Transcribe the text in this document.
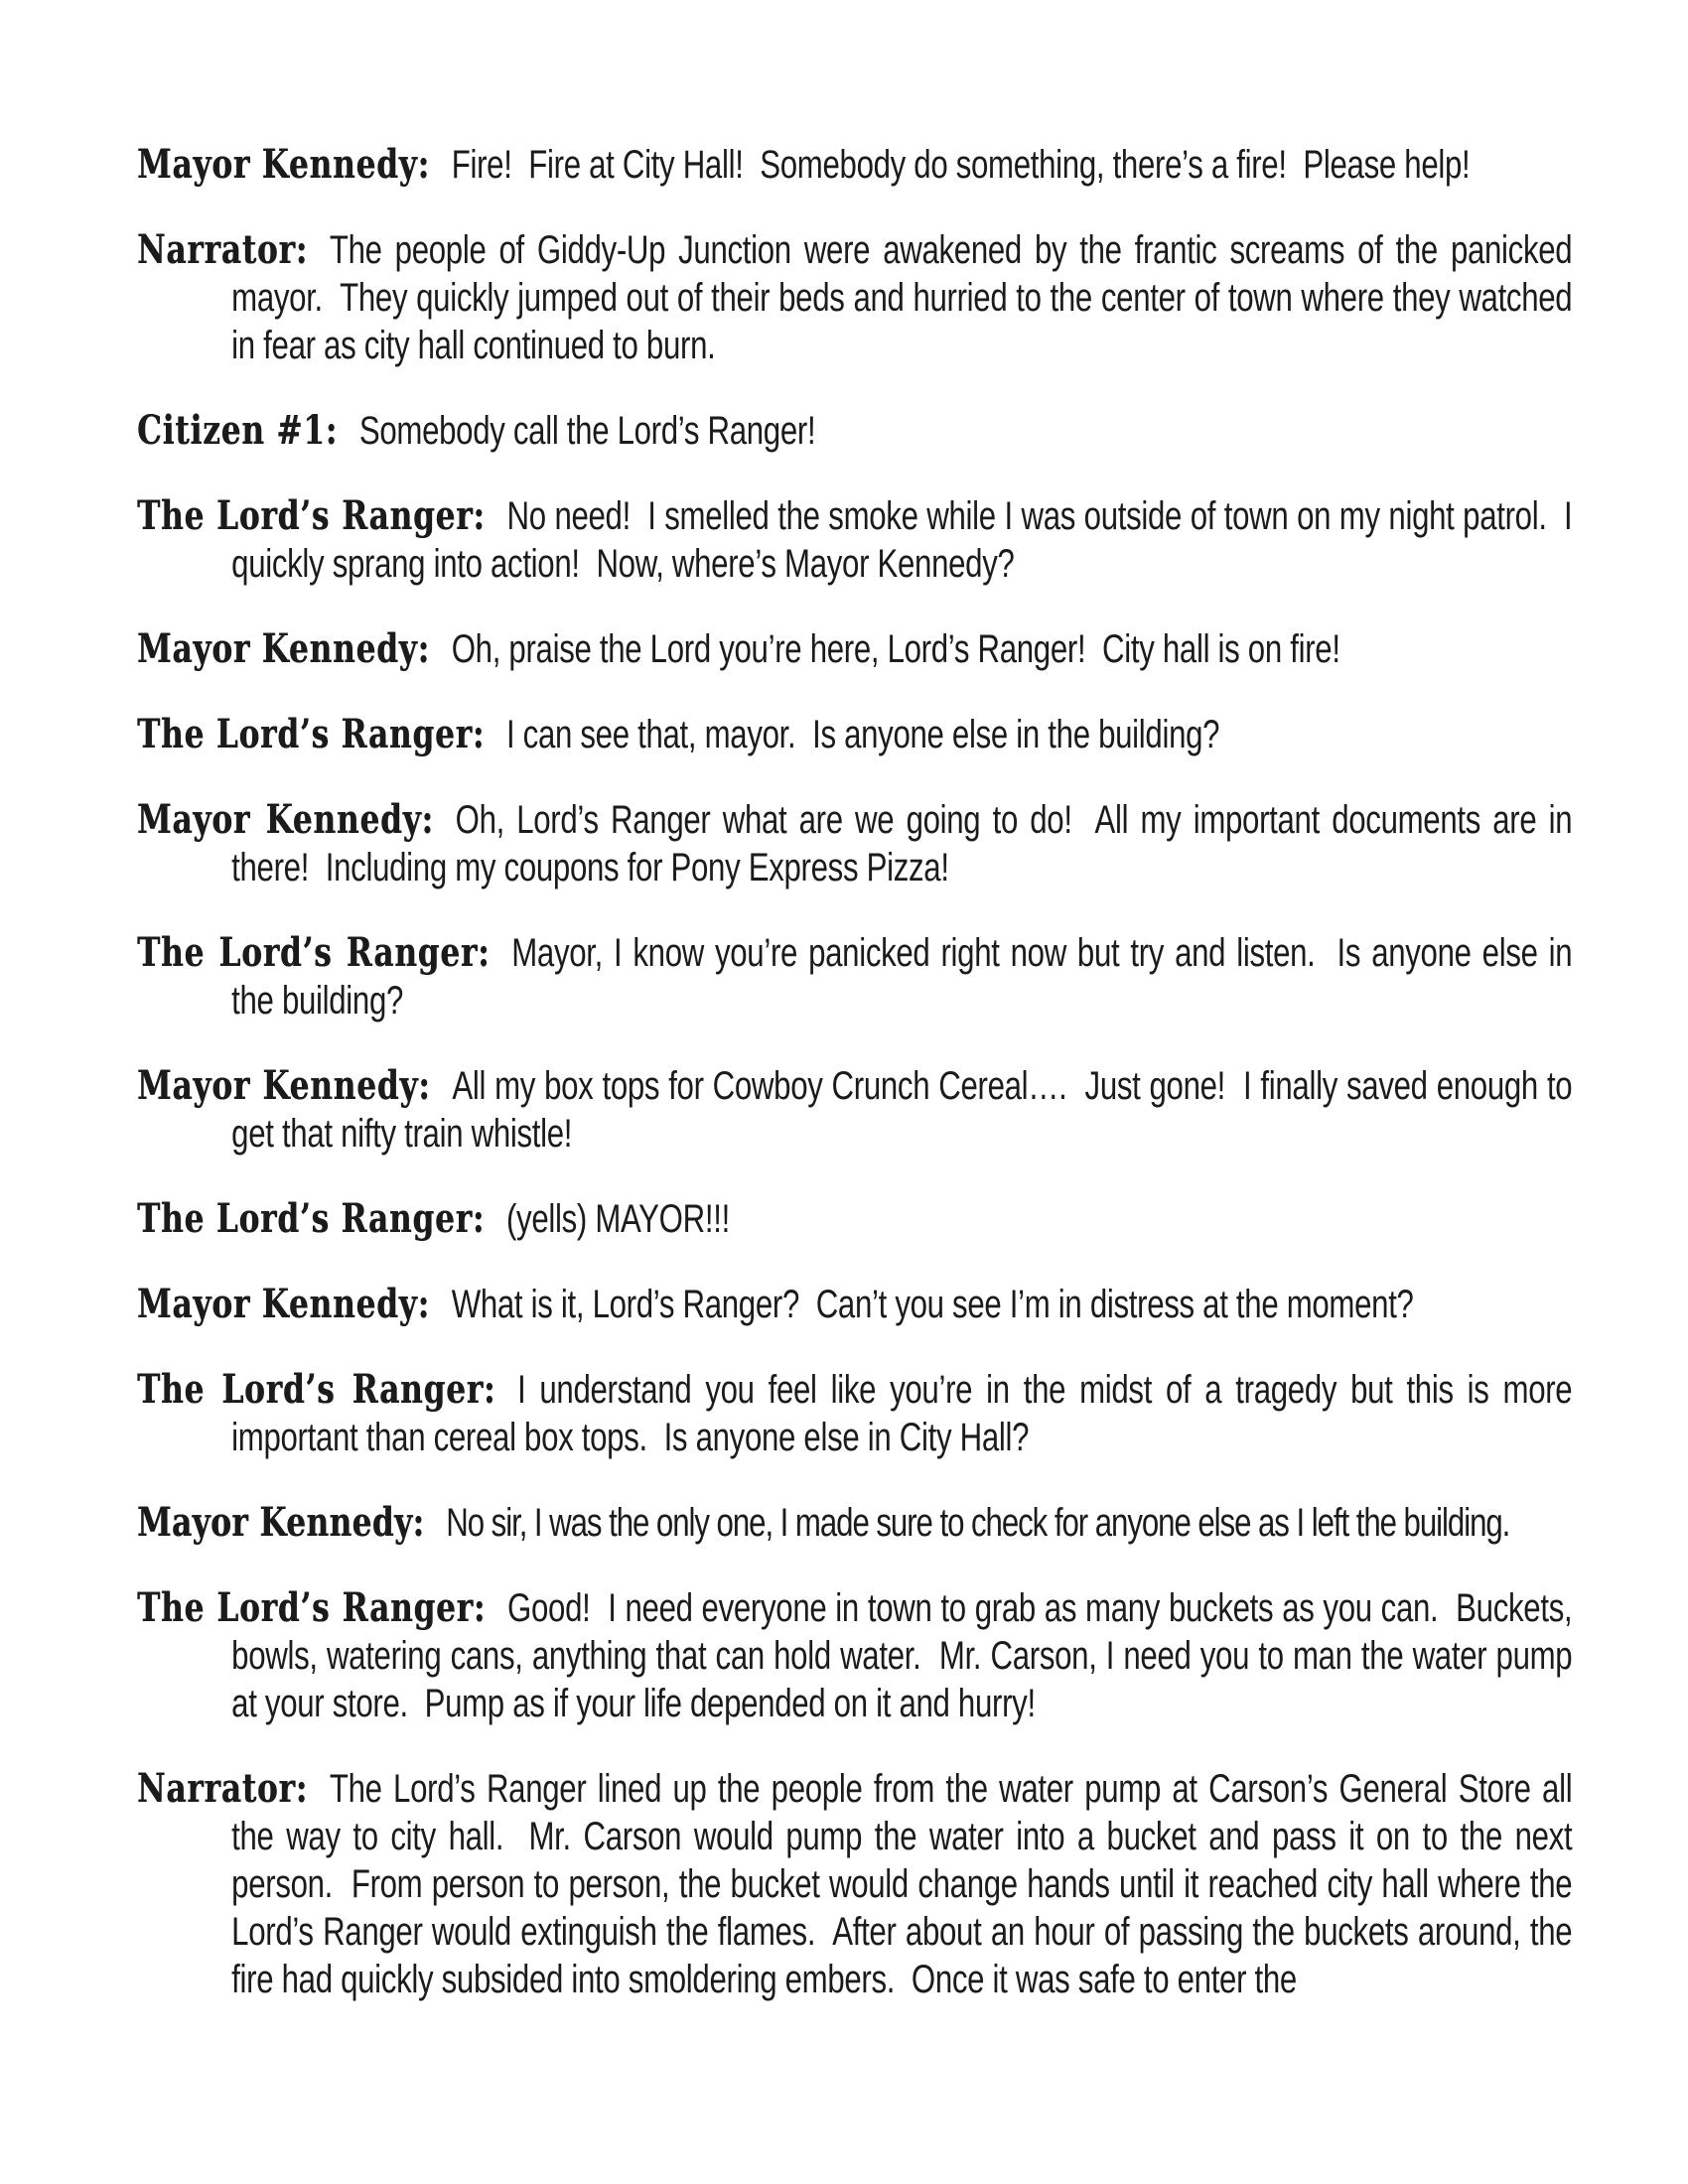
Mayor Kennedy: Fire!  Fire at City Hall!  Somebody do something, there’s a fire!  Please help!
Narrator: The people of Giddy-Up Junction were awakened by the frantic screams of the panicked mayor.  They quickly jumped out of their beds and hurried to the center of town where they watched in fear as city hall continued to burn.
Citizen #1: Somebody call the Lord’s Ranger!
The Lord’s Ranger: No need!  I smelled the smoke while I was outside of town on my night patrol.  I quickly sprang into action!  Now, where’s Mayor Kennedy?
Mayor Kennedy: Oh, praise the Lord you’re here, Lord’s Ranger!  City hall is on fire!
The Lord’s Ranger: I can see that, mayor.  Is anyone else in the building?
Mayor Kennedy: Oh, Lord’s Ranger what are we going to do!  All my important documents are in there!  Including my coupons for Pony Express Pizza!
The Lord’s Ranger: Mayor, I know you’re panicked right now but try and listen.  Is anyone else in the building?
Mayor Kennedy: All my box tops for Cowboy Crunch Cereal….  Just gone!  I finally saved enough to get that nifty train whistle!
The Lord’s Ranger: (yells) MAYOR!!!
Mayor Kennedy: What is it, Lord’s Ranger?  Can’t you see I’m in distress at the moment?
The Lord’s Ranger: I understand you feel like you’re in the midst of a tragedy but this is more important than cereal box tops.  Is anyone else in City Hall?
Mayor Kennedy: No sir, I was the only one, I made sure to check for anyone else as I left the building.
The Lord’s Ranger: Good!  I need everyone in town to grab as many buckets as you can.  Buckets, bowls, watering cans, anything that can hold water.  Mr. Carson, I need you to man the water pump at your store.  Pump as if your life depended on it and hurry!
Narrator: The Lord’s Ranger lined up the people from the water pump at Carson’s General Store all the way to city hall.  Mr. Carson would pump the water into a bucket and pass it on to the next person.  From person to person, the bucket would change hands until it reached city hall where the Lord’s Ranger would extinguish the flames.  After about an hour of passing the buckets around, the fire had quickly subsided into smoldering embers.  Once it was safe to enter the
